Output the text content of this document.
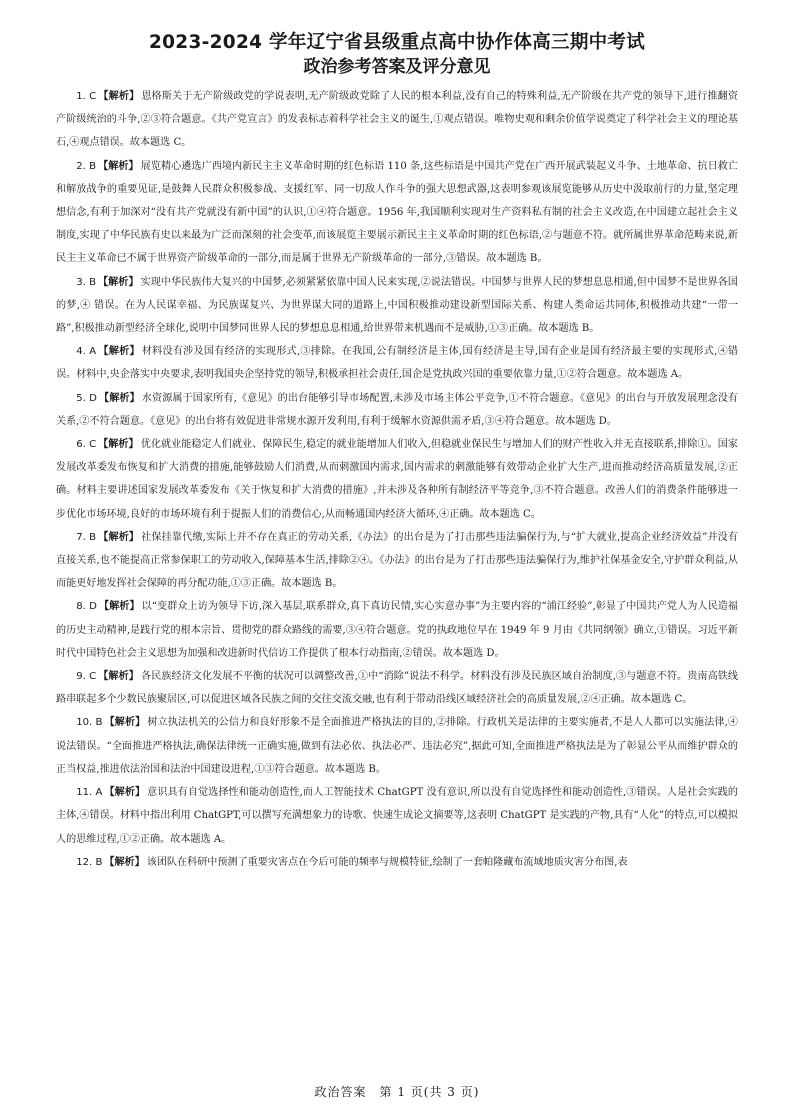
2023-2024 学年辽宁省县级重点高中协作体高三期中考试
政治参考答案及评分意见

1. C 【解析】 恩格斯关于无产阶级政党的学说表明,无产阶级政党除了人民的根本利益,没有自己的特殊利益,无产阶级在共产党的领导下,进行推翻资产阶级统治的斗争,②③符合题意。《共产党宣言》的发表标志着科学社会主义的诞生,①观点错误。唯物史观和剩余价值学说奠定了科学社会主义的理论基石,④观点错误。故本题选 C。

2. B 【解析】 展览精心遴选广西境内新民主主义革命时期的红色标语 110 条,这些标语是中国共产党在广西开展武装起义斗争、土地革命、抗日救亡和解放战争的重要见证,是鼓舞人民群众积极参战、支援红军、同一切敌人作斗争的强大思想武器,这表明参观该展览能够从历史中汲取前行的力量,坚定理想信念,有利于加深对“没有共产党就没有新中国”的认识,①④符合题意。1956 年,我国顺利实现对生产资料私有制的社会主义改造,在中国建立起社会主义制度,实现了中华民族有史以来最为广泛而深刻的社会变革,而该展览主要展示新民主主义革命时期的红色标语,②与题意不符。就所属世界革命范畴来说,新民主主义革命已不属于世界资产阶级革命的一部分,而是属于世界无产阶级革命的一部分,③错误。故本题选 B。

3. B 【解析】 实现中华民族伟大复兴的中国梦,必须紧紧依靠中国人民来实现,②说法错误。中国梦与世界人民的梦想息息相通,但中国梦不是世界各国的梦,④ 错误。在为人民谋幸福、为民族谋复兴、为世界谋大同的道路上,中国积极推动建设新型国际关系、构建人类命运共同体,积极推动共建“一带一路”,积极推动新型经济全球化,说明中国梦同世界人民的梦想息息相通,给世界带来机遇而不是威胁,①③正确。故本题选 B。

4. A 【解析】 材料没有涉及国有经济的实现形式,③排除。在我国,公有制经济是主体,国有经济是主导,国有企业是国有经济最主要的实现形式,④错误。材料中,央企落实中央要求,表明我国央企坚持党的领导,积极承担社会责任,国企是党执政兴国的重要依靠力量,①②符合题意。故本题选 A。

5. D 【解析】 水资源属于国家所有,《意见》的出台能够引导市场配置,未涉及市场主体公平竞争,①不符合题意。《意见》的出台与开放发展理念没有关系,②不符合题意。《意见》的出台将有效促进非常规水源开发利用,有利于缓解水资源供需矛盾,③④符合题意。故本题选 D。

6. C 【解析】 优化就业能稳定人们就业、保障民生,稳定的就业能增加人们收入,但稳就业保民生与增加人们的财产性收入并无直接联系,排除①。国家发展改革委发布恢复和扩大消费的措施,能够鼓励人们消费,从而刺激国内需求,国内需求的刺激能够有效带动企业扩大生产,进而推动经济高质量发展,②正确。材料主要讲述国家发展改革委发布《关于恢复和扩大消费的措施》,并未涉及各种所有制经济平等竞争,③不符合题意。改善人们的消费条件能够进一步优化市场环境,良好的市场环境有利于提振人们的消费信心,从而畅通国内经济大循环,④正确。故本题选 C。

7. B 【解析】 社保挂靠代缴,实际上并不存在真正的劳动关系,《办法》的出台是为了打击那些违法骗保行为,与“扩大就业,提高企业经济效益”并没有直接关系,也不能提高正常参保职工的劳动收入,保障基本生活,排除②④。《办法》的出台是为了打击那些违法骗保行为,维护社保基金安全,守护群众利益,从而能更好地发挥社会保障的再分配功能,①③正确。故本题选 B。

8. D 【解析】 以“变群众上访为领导下访,深入基层,联系群众,真下真访民情,实心实意办事”为主要内容的“浦江经验”,彰显了中国共产党人为人民造福的历史主动精神,是践行党的根本宗旨、贯彻党的群众路线的需要,③④符合题意。党的执政地位早在 1949 年 9 月由《共同纲领》确立,①错误。习近平新时代中国特色社会主义思想为加强和改进新时代信访工作提供了根本行动指南,②错误。故本题选 D。

9. C 【解析】 各民族经济文化发展不平衡的状况可以调整改善,①中“消除”说法不科学。材料没有涉及民族区域自治制度,③与题意不符。贵南高铁线路串联起多个少数民族聚居区,可以促进区域各民族之间的交往交流交融,也有利于带动沿线区域经济社会的高质量发展,②④正确。故本题选 C。

10. B 【解析】 树立执法机关的公信力和良好形象不是全面推进严格执法的目的,②排除。行政机关是法律的主要实施者,不是人人都可以实施法律,④说法错误。“全面推进严格执法,确保法律统一正确实施,做到有法必依、执法必严、违法必究”,据此可知,全面推进严格执法是为了彰显公平从而维护群众的正当权益,推进依法治国和法治中国建设进程,①③符合题意。故本题选 B。

11. A 【解析】 意识具有自觉选择性和能动创造性,而人工智能技术 ChatGPT 没有意识,所以没有自觉选择性和能动创造性,③错误。人是社会实践的主体,④错误。材料中指出利用 ChatGPT,可以撰写充满想象力的诗歌、快速生成论文摘要等,这表明 ChatGPT 是实践的产物,具有“人化”的特点,可以模拟人的思维过程,①②正确。故本题选 A。

12. B 【解析】 该团队在科研中预测了重要灾害点在今后可能的频率与规模特征,绘制了一套帕隆藏布流域地质灾害分布图,表

政治答案　第 1 页(共 3 页)
